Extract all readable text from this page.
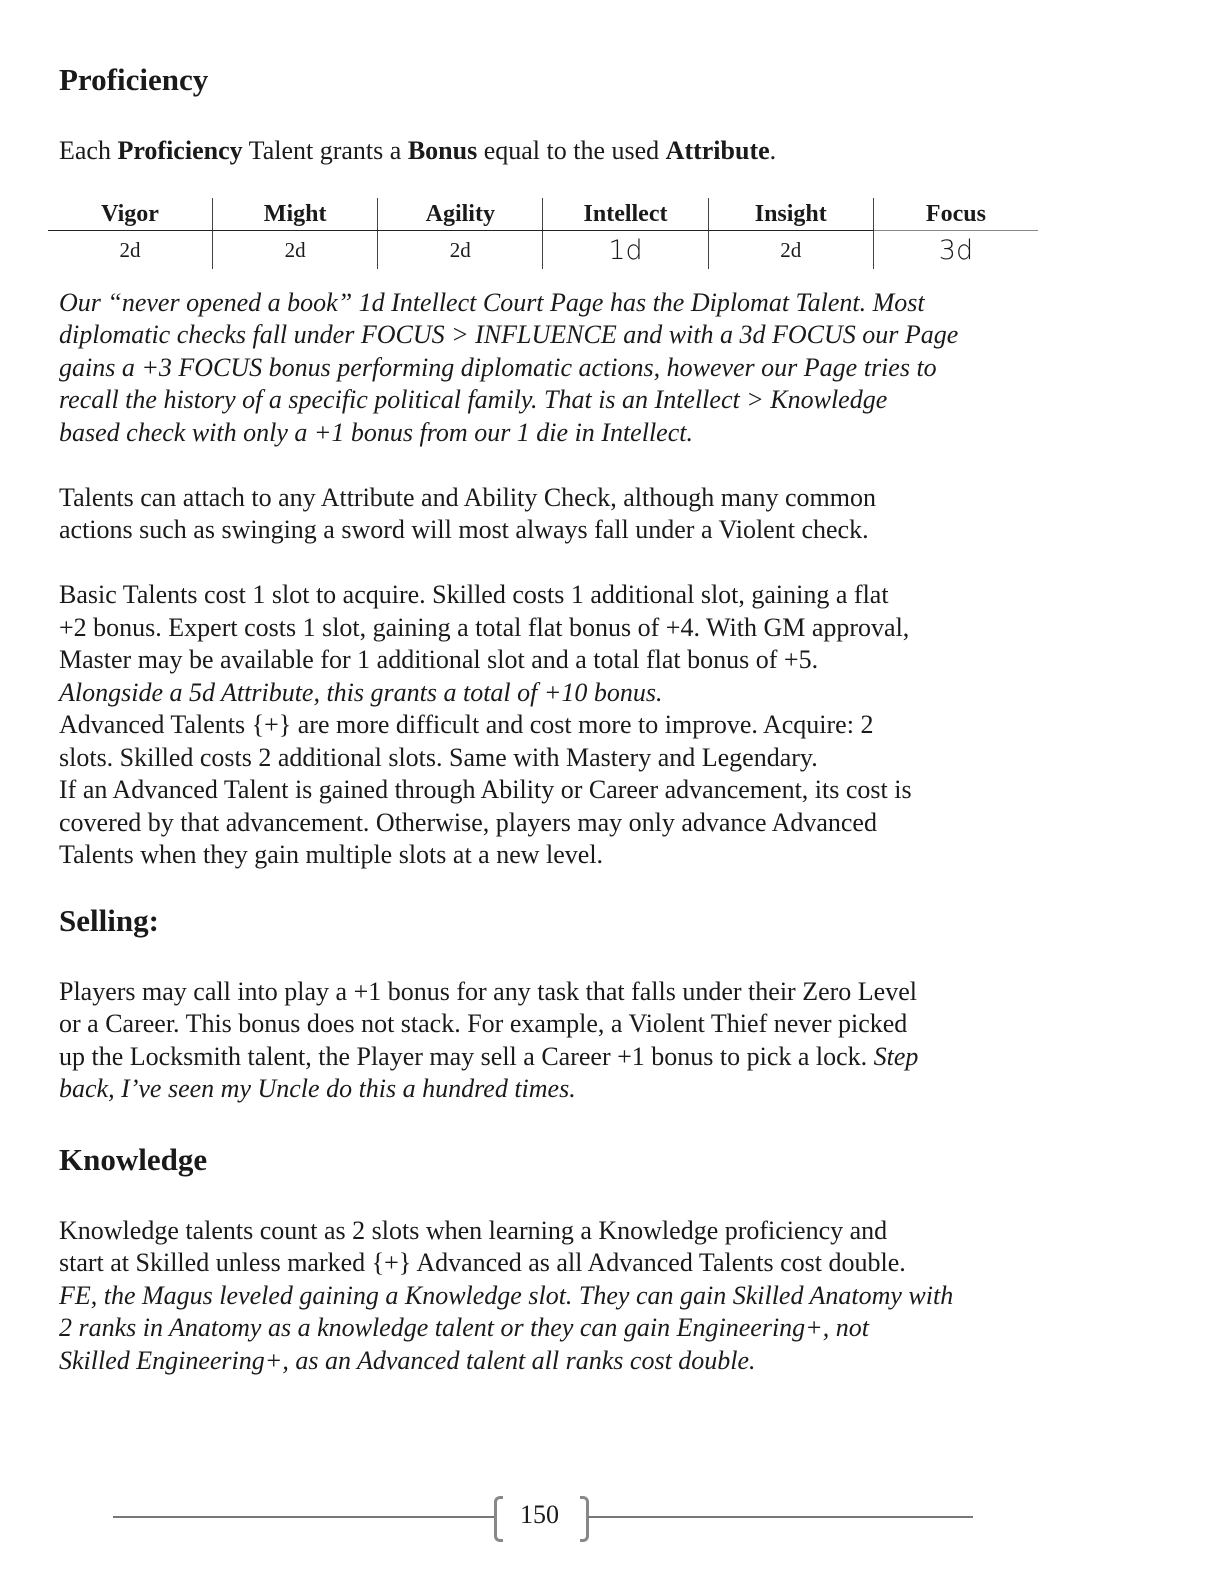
Proficiency
Each Proficiency Talent grants a Bonus equal to the used Attribute.
Vigor	Might	Agility	Intellect	Insight	Focus
2d	2d	2d	1d	2d	3d
Our “never opened a book” 1d Intellect Court Page has the Diplomat Talent. Most
diplomatic checks fall under FOCUS > INFLUENCE and with a 3d FOCUS our Page
gains a +3 FOCUS bonus performing diplomatic actions, however our Page tries to
recall the history of a specific political family. That is an Intellect > Knowledge
based check with only a +1 bonus from our 1 die in Intellect.
Talents can attach to any Attribute and Ability Check, although many common
actions such as swinging a sword will most always fall under a Violent check.
Basic Talents cost 1 slot to acquire. Skilled costs 1 additional slot, gaining a flat
+2 bonus. Expert costs 1 slot, gaining a total flat bonus of +4. With GM approval,
Master may be available for 1 additional slot and a total flat bonus of +5.
Alongside a 5d Attribute, this grants a total of +10 bonus.
Advanced Talents {+} are more difficult and cost more to improve. Acquire: 2
slots. Skilled costs 2 additional slots. Same with Mastery and Legendary.
If an Advanced Talent is gained through Ability or Career advancement, its cost is
covered by that advancement. Otherwise, players may only advance Advanced
Talents when they gain multiple slots at a new level.
Selling:
Players may call into play a +1 bonus for any task that falls under their Zero Level
or a Career. This bonus does not stack. For example, a Violent Thief never picked
up the Locksmith talent, the Player may sell a Career +1 bonus to pick a lock. Step
back, I’ve seen my Uncle do this a hundred times.
Knowledge
Knowledge talents count as 2 slots when learning a Knowledge proficiency and
start at Skilled unless marked {+} Advanced as all Advanced Talents cost double.
FE, the Magus leveled gaining a Knowledge slot. They can gain Skilled Anatomy with
2 ranks in Anatomy as a knowledge talent or they can gain Engineering+, not
Skilled Engineering+, as an Advanced talent all ranks cost double.
150
